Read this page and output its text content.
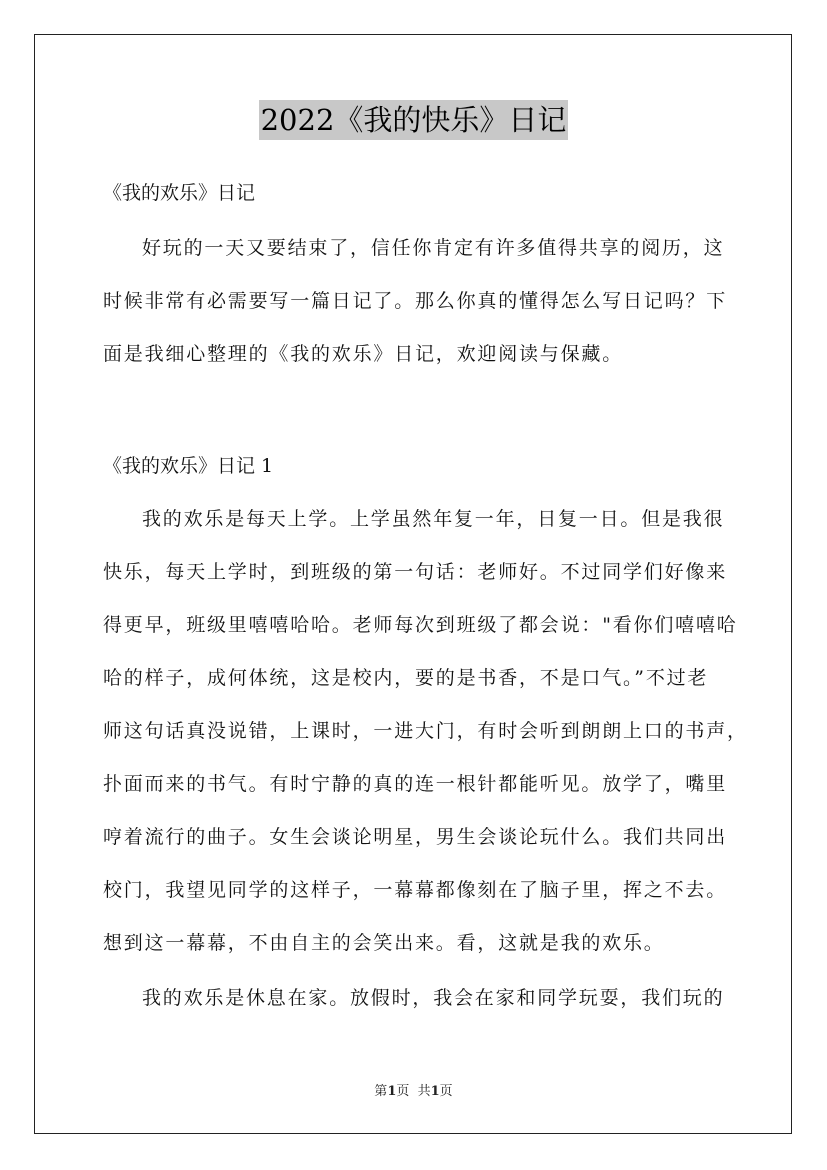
2022《我的快乐》日记
《我的欢乐》日记
好玩的一天又要结束了，信任你肯定有许多值得共享的阅历，这
时候非常有必需要写一篇日记了。那么你真的懂得怎么写日记吗？下
面是我细心整理的《我的欢乐》日记，欢迎阅读与保藏。
《我的欢乐》日记 1
我的欢乐是每天上学。上学虽然年复一年，日复一日。但是我很
快乐，每天上学时，到班级的第一句话：老师好。不过同学们好像来
得更早，班级里嘻嘻哈哈。老师每次到班级了都会说："看你们嘻嘻哈
哈的样子，成何体统，这是校内，要的是书香，不是口气。”不过老
师这句话真没说错，上课时，一进大门，有时会听到朗朗上口的书声，
扑面而来的书气。有时宁静的真的连一根针都能听见。放学了，嘴里
哼着流行的曲子。女生会谈论明星，男生会谈论玩什么。我们共同出
校门，我望见同学的这样子，一幕幕都像刻在了脑子里，挥之不去。
想到这一幕幕，不由自主的会笑出来。看，这就是我的欢乐。
我的欢乐是休息在家。放假时，我会在家和同学玩耍，我们玩的
第1页  共1页
